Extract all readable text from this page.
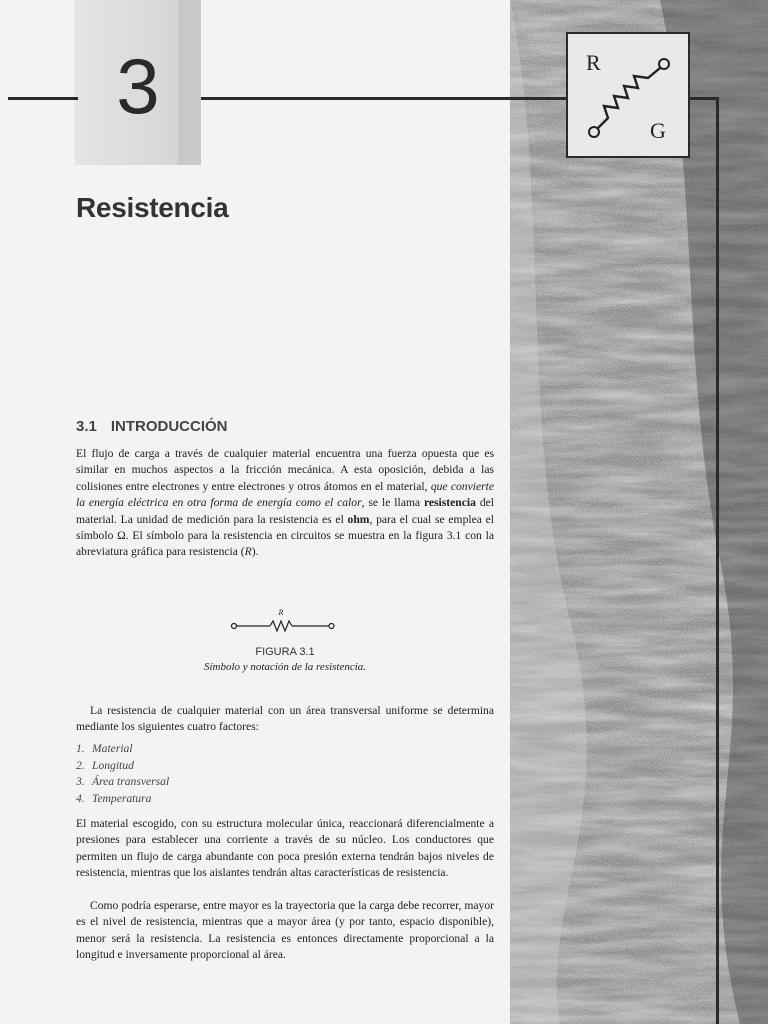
3	R
G
Resistencia
3.1 INTRODUCCIÓN

El flujo de carga a través de cualquier material encuentra una fuerza opuesta que es similar en muchos aspectos a la fricción mecánica. A esta oposición, debida a las colisiones entre electrones y entre electrones y otros átomos en el material, que convierte la energía eléctrica en otra forma de energía como el calor, se le llama resistencia del material. La unidad de medición para la resistencia es el ohm, para el cual se emplea el símbolo Ω. El símbolo para la resistencia en circuitos se muestra en la figura 3.1 con la abreviatura gráfica para resistencia (R).

R

FIGURA 3.1

Símbolo y notación de la resistencia.

La resistencia de cualquier material con un área transversal uniforme se determina mediante los siguientes cuatro factores:

1. Material
2. Longitud
3. Área transversal
4. Temperatura

El material escogido, con su estructura molecular única, reaccionará diferencialmente a presiones para establecer una corriente a través de su núcleo. Los conductores que permiten un flujo de carga abundante con poca presión externa tendrán bajos niveles de resistencia, mientras que los aislantes tendrán altas características de resistencia.

Como podría esperarse, entre mayor es la trayectoria que la carga debe recorrer, mayor es el nivel de resistencia, mientras que a mayor área (y por tanto, espacio disponible), menor será la resistencia. La resistencia es entonces directamente proporcional a la longitud e inversamente proporcional al área.
